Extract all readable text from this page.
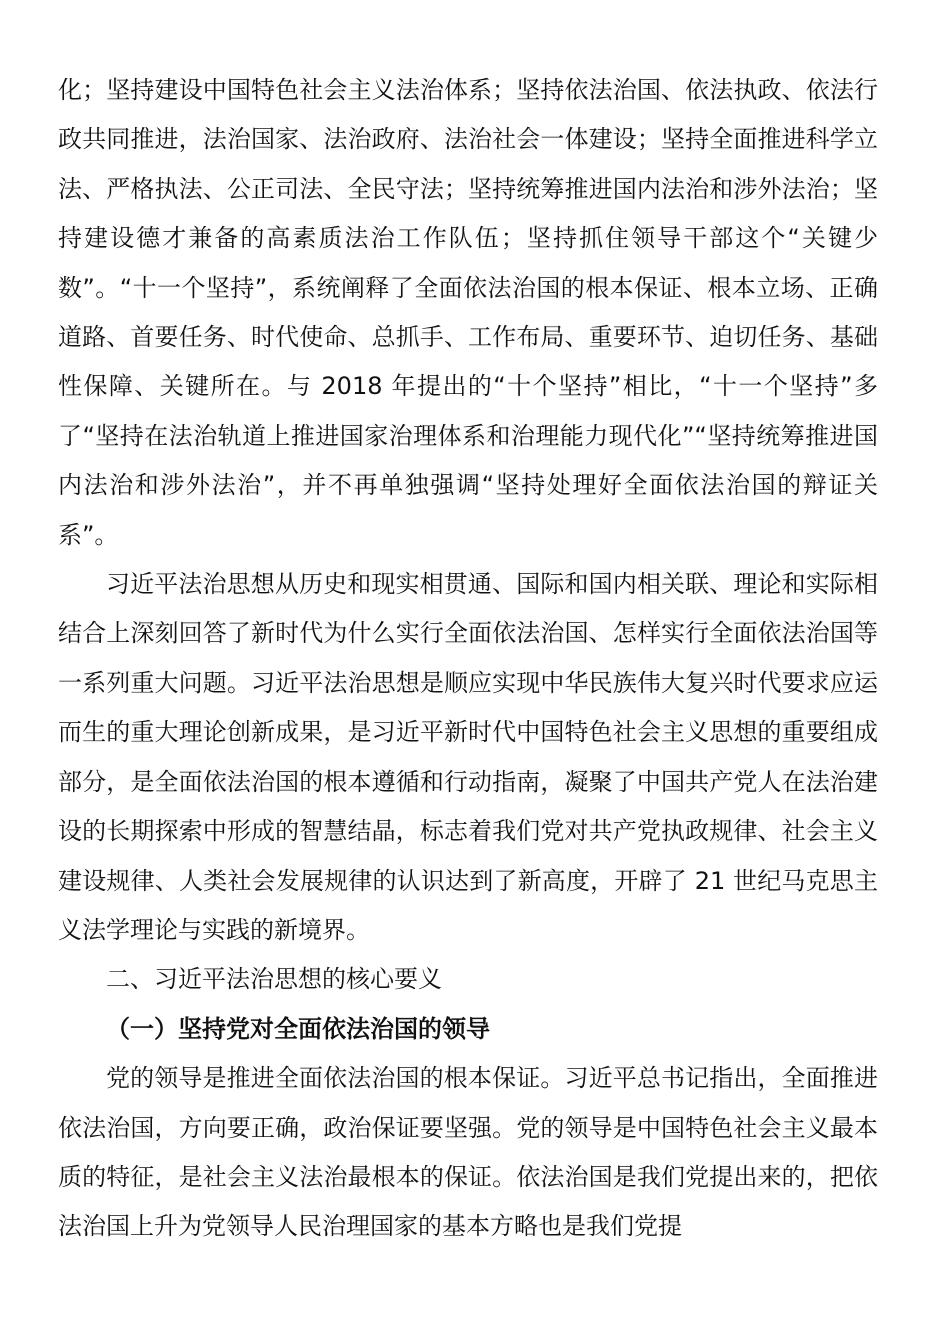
化；坚持建设中国特色社会主义法治体系；坚持依法治国、依法执政、依法行政共同推进，法治国家、法治政府、法治社会一体建设；坚持全面推进科学立法、严格执法、公正司法、全民守法；坚持统筹推进国内法治和涉外法治；坚持建设德才兼备的高素质法治工作队伍；坚持抓住领导干部这个“关键少数”。“十一个坚持”，系统阐释了全面依法治国的根本保证、根本立场、正确道路、首要任务、时代使命、总抓手、工作布局、重要环节、迫切任务、基础性保障、关键所在。与 2018 年提出的“十个坚持”相比，“十一个坚持”多了“坚持在法治轨道上推进国家治理体系和治理能力现代化”“坚持统筹推进国内法治和涉外法治”，并不再单独强调“坚持处理好全面依法治国的辩证关系”。

习近平法治思想从历史和现实相贯通、国际和国内相关联、理论和实际相结合上深刻回答了新时代为什么实行全面依法治国、怎样实行全面依法治国等一系列重大问题。习近平法治思想是顺应实现中华民族伟大复兴时代要求应运而生的重大理论创新成果，是习近平新时代中国特色社会主义思想的重要组成部分，是全面依法治国的根本遵循和行动指南，凝聚了中国共产党人在法治建设的长期探索中形成的智慧结晶，标志着我们党对共产党执政规律、社会主义建设规律、人类社会发展规律的认识达到了新高度，开辟了 21 世纪马克思主义法学理论与实践的新境界。

二、习近平法治思想的核心要义

（一）坚持党对全面依法治国的领导

党的领导是推进全面依法治国的根本保证。习近平总书记指出，全面推进依法治国，方向要正确，政治保证要坚强。党的领导是中国特色社会主义最本质的特征，是社会主义法治最根本的保证。依法治国是我们党提出来的，把依法治国上升为党领导人民治理国家的基本方略也是我们党提
